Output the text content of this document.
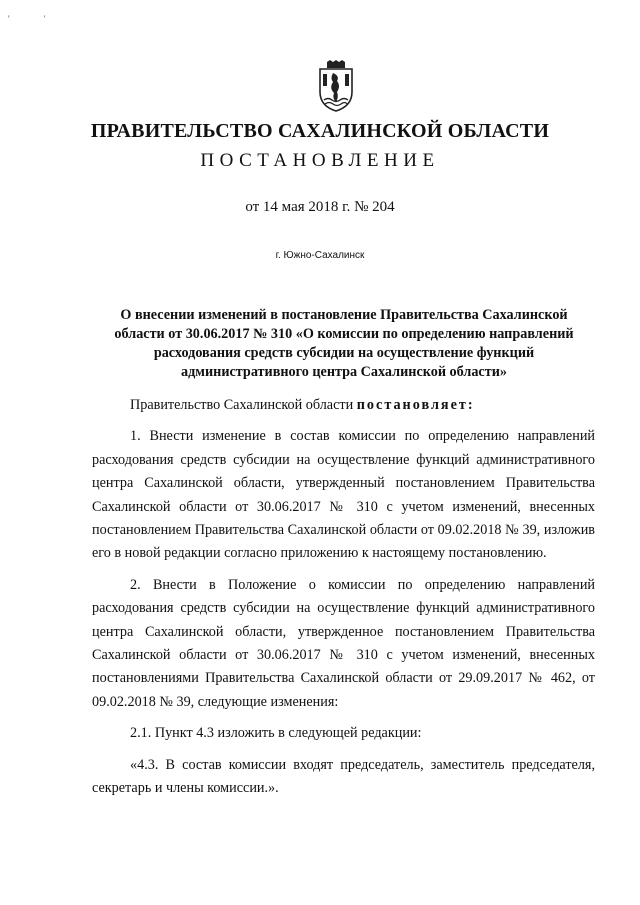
' '
ПРАВИТЕЛЬСТВО САХАЛИНСКОЙ ОБЛАСТИ
ПОСТАНОВЛЕНИЕ
от 14 мая 2018 г. № 204
г. Южно-Сахалинск
О внесении изменений в постановление Правительства Сахалинской области от 30.06.2017 № 310 «О комиссии по определению направлений расходования средств субсидии на осуществление функций административного центра Сахалинской области»

Правительство Сахалинской области постановляет:

1. Внести изменение в состав комиссии по определению направлений расходования средств субсидии на осуществление функций административного центра Сахалинской области, утвержденный постановлением Правительства Сахалинской области от 30.06.2017 № 310 с учетом изменений, внесенных постановлением Правительства Сахалинской области от 09.02.2018 № 39, изложив его в новой редакции согласно приложению к настоящему постановлению.

2. Внести в Положение о комиссии по определению направлений расходования средств субсидии на осуществление функций административного центра Сахалинской области, утвержденное постановлением Правительства Сахалинской области от 30.06.2017 № 310 с учетом изменений, внесенных постановлениями Правительства Сахалинской области от 29.09.2017 № 462, от 09.02.2018 № 39, следующие изменения:

2.1. Пункт 4.3 изложить в следующей редакции:

«4.3. В состав комиссии входят председатель, заместитель председателя, секретарь и члены комиссии.».
